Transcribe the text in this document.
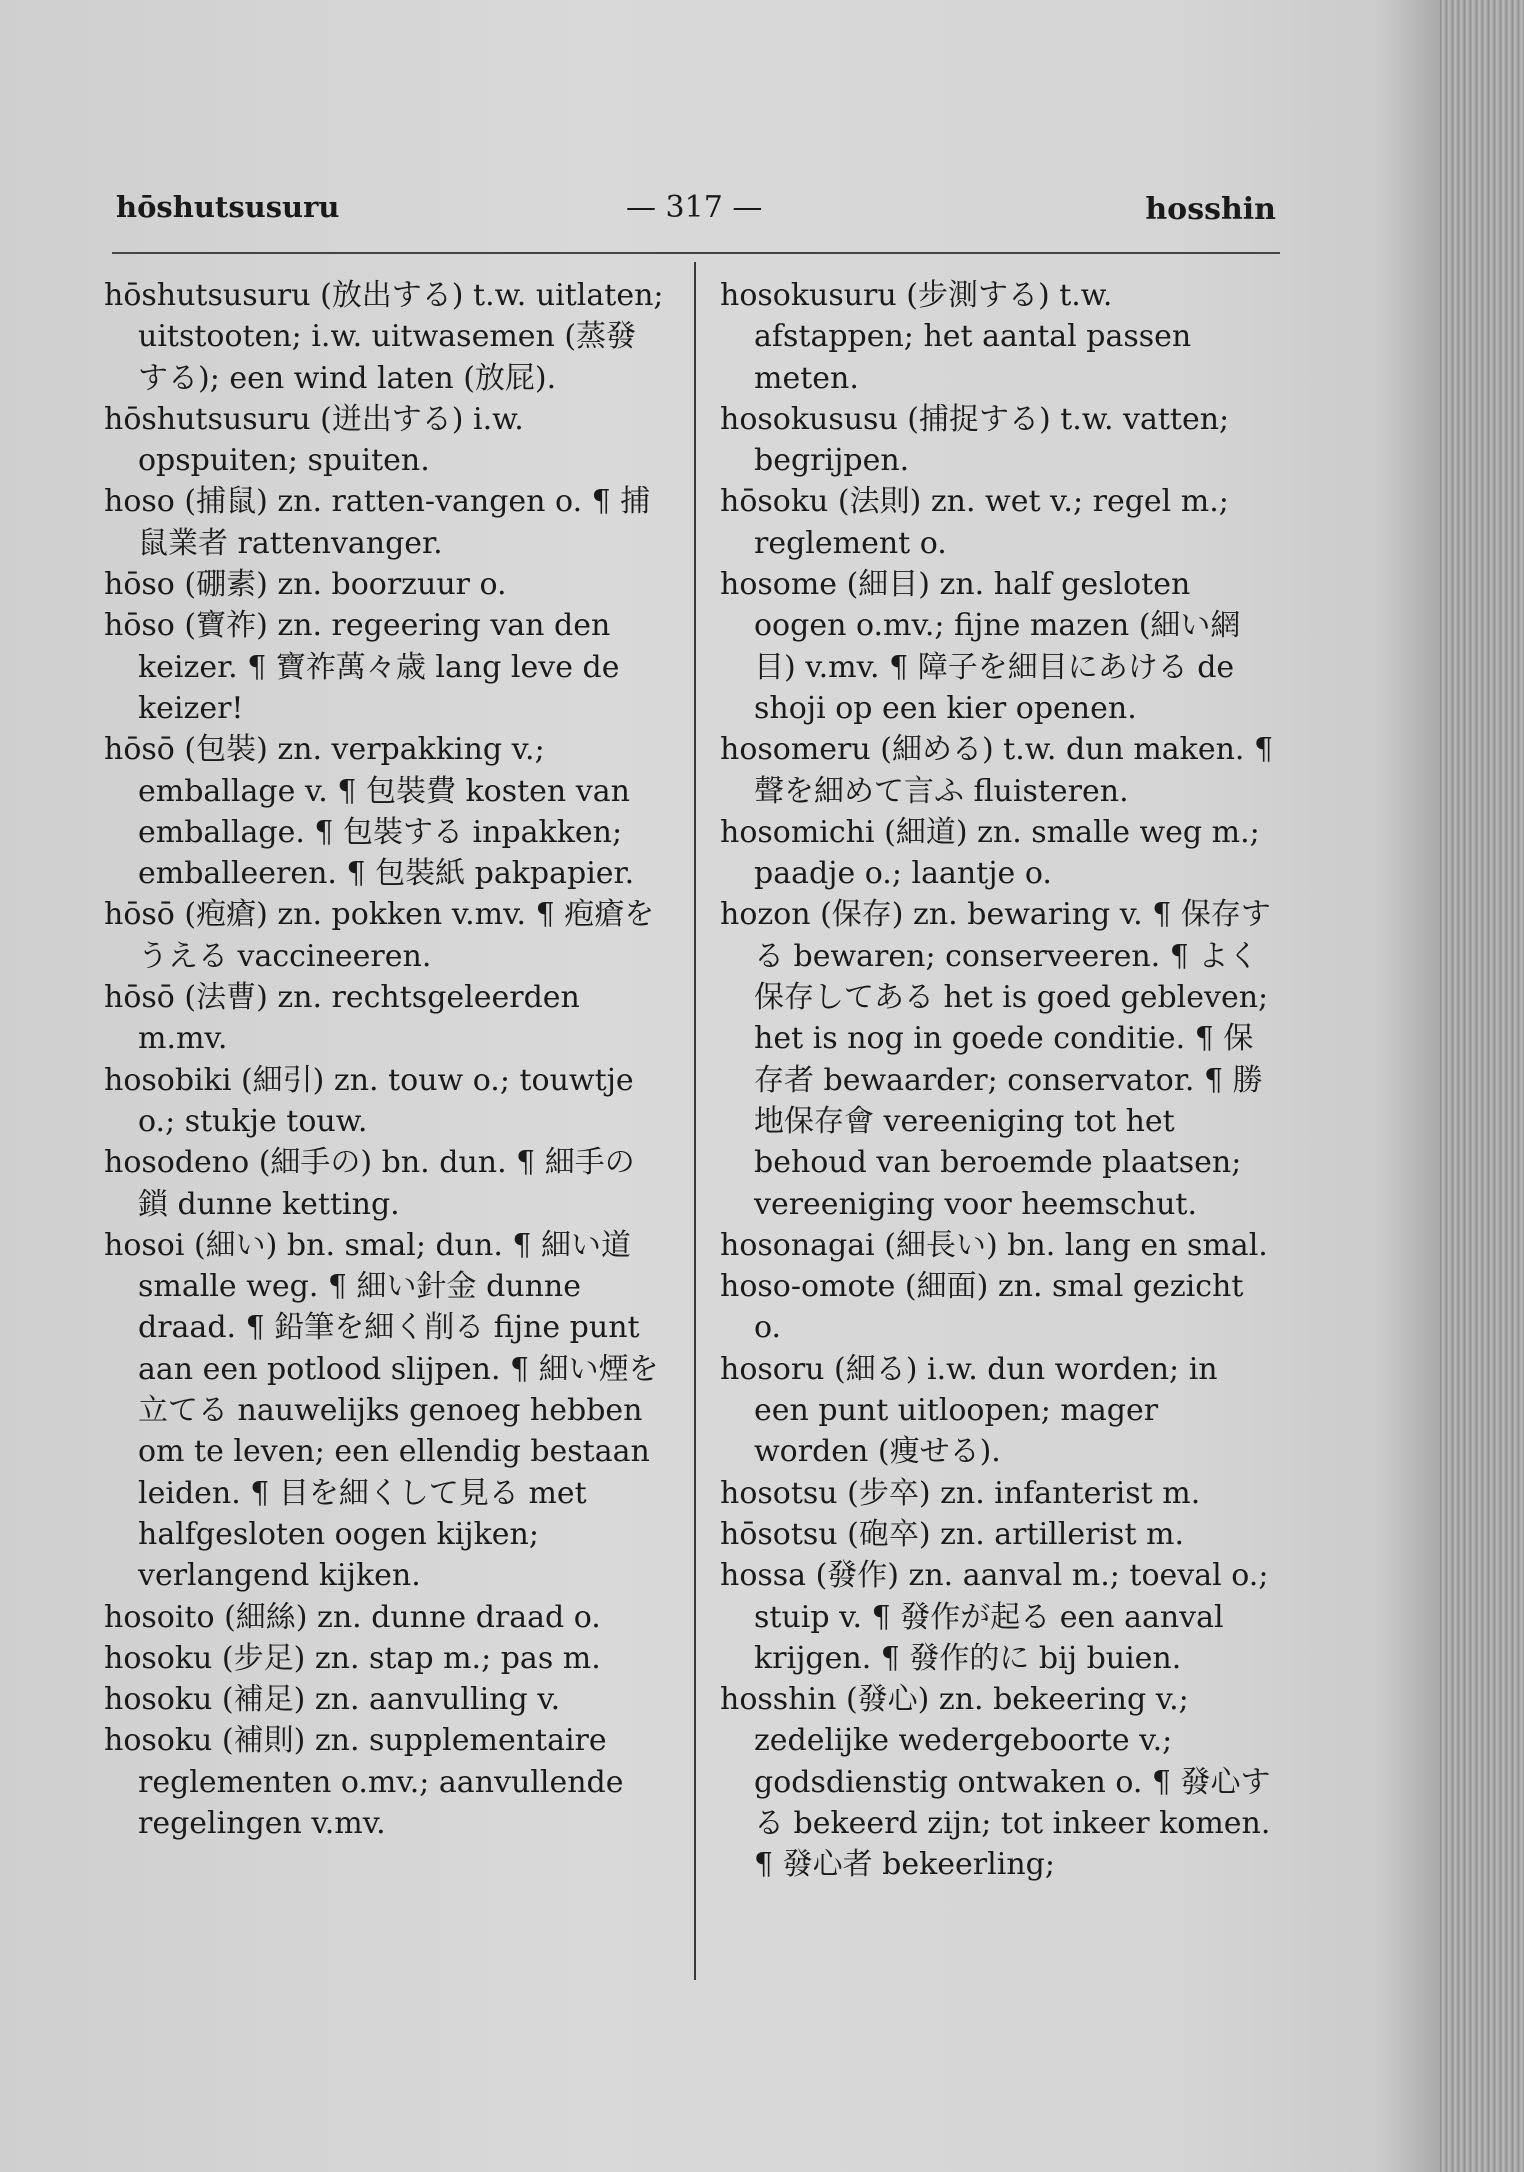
hōshutsusuru	— 317 —	hosshin

hōshutsusuru (放出する) t.w. uitlaten; uitstooten; i.w. uitwasemen (蒸發する); een wind laten (放屁).

hōshutsusuru (迸出する) i.w. opspuiten; spuiten.

hoso (捕鼠) zn. ratten-vangen o. ¶ 捕鼠業者 rattenvanger.

hōso (硼素) zn. boorzuur o.

hōso (寶祚) zn. regeering van den keizer. ¶ 寶祚萬々歳 lang leve de keizer!

hōsō (包裝) zn. verpakking v.; emballage v. ¶ 包裝費 kosten van emballage. ¶ 包裝する inpakken; emballeeren. ¶ 包裝紙 pakpapier.

hōsō (疱瘡) zn. pokken v.mv. ¶ 疱瘡をうえる vaccineeren.

hōsō (法曹) zn. rechtsgeleerden m.mv.

hosobiki (細引) zn. touw o.; touwtje o.; stukje touw.

hosodeno (細手の) bn. dun. ¶ 細手の鎖 dunne ketting.

hosoi (細い) bn. smal; dun. ¶ 細い道 smalle weg. ¶ 細い針金 dunne draad. ¶ 鉛筆を細く削る fijne punt aan een potlood slijpen. ¶ 細い煙を立てる nauwelijks genoeg hebben om te leven; een ellendig bestaan leiden. ¶ 目を細くして見る met halfgesloten oogen kijken; verlangend kijken.

hosoito (細絲) zn. dunne draad o.

hosoku (步足) zn. stap m.; pas m.

hosoku (補足) zn. aanvulling v.

hosoku (補則) zn. supplementaire reglementen o.mv.; aanvullende regelingen v.mv.

hosokusuru (步測する) t.w. afstappen; het aantal passen meten.

hosokususu (捕捉する) t.w. vatten; begrijpen.

hōsoku (法則) zn. wet v.; regel m.; reglement o.

hosome (細目) zn. half gesloten oogen o.mv.; fijne mazen (細い網目) v.mv. ¶ 障子を細目にあける de shoji op een kier openen.

hosomeru (細める) t.w. dun maken. ¶ 聲を細めて言ふ fluisteren.

hosomichi (細道) zn. smalle weg m.; paadje o.; laantje o.

hozon (保存) zn. bewaring v. ¶ 保存する bewaren; conserveeren. ¶ よく保存してある het is goed gebleven; het is nog in goede conditie. ¶ 保存者 bewaarder; conservator. ¶ 勝地保存會 vereeniging tot het behoud van beroemde plaatsen; vereeniging voor heemschut.

hosonagai (細長い) bn. lang en smal.

hoso-omote (細面) zn. smal gezicht o.

hosoru (細る) i.w. dun worden; in een punt uitloopen; mager worden (痩せる).

hosotsu (步卒) zn. infanterist m.

hōsotsu (砲卒) zn. artillerist m.

hossa (發作) zn. aanval m.; toeval o.; stuip v. ¶ 發作が起る een aanval krijgen. ¶ 發作的に bij buien.

hosshin (發心) zn. bekeering v.; zedelijke wedergeboorte v.; godsdienstig ontwaken o. ¶ 發心する bekeerd zijn; tot inkeer komen. ¶ 發心者 bekeerling;
